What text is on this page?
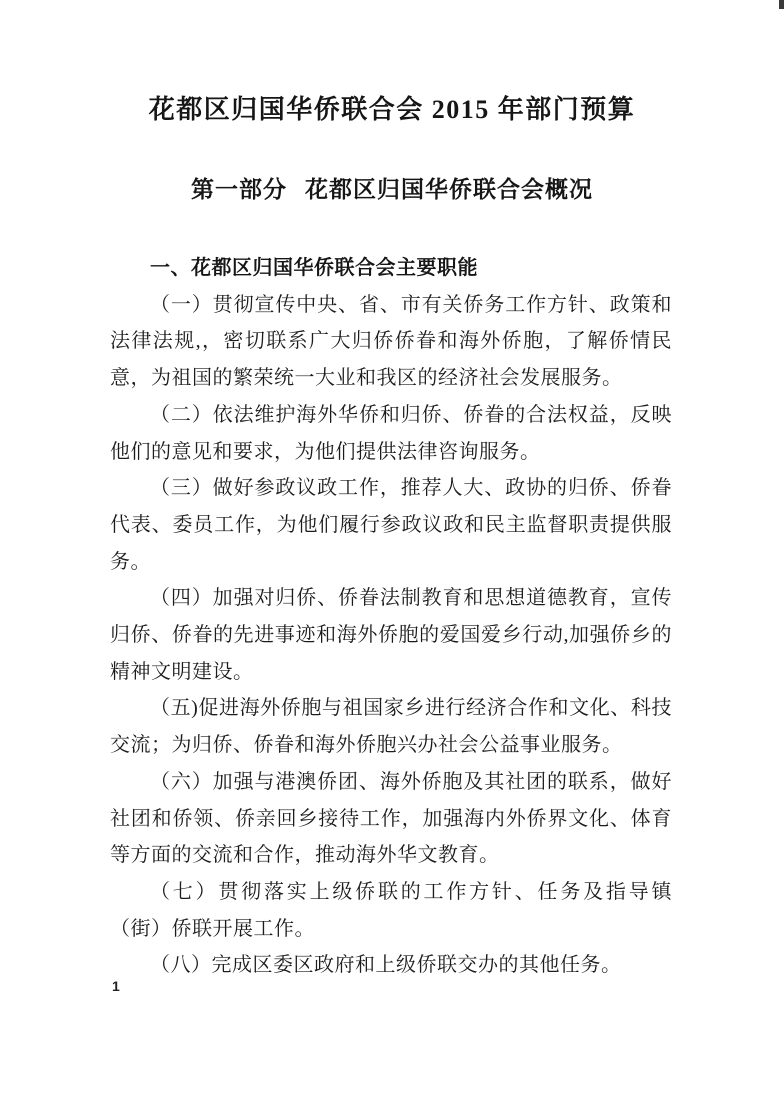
花都区归国华侨联合会 2015 年部门预算
第一部分 花都区归国华侨联合会概况

一、花都区归国华侨联合会主要职能

（一）贯彻宣传中央、省、市有关侨务工作方针、政策和法律法规,，密切联系广大归侨侨眷和海外侨胞，了解侨情民意，为祖国的繁荣统一大业和我区的经济社会发展服务。

（二）依法维护海外华侨和归侨、侨眷的合法权益，反映他们的意见和要求，为他们提供法律咨询服务。

（三）做好参政议政工作，推荐人大、政协的归侨、侨眷代表、委员工作，为他们履行参政议政和民主监督职责提供服务。

（四）加强对归侨、侨眷法制教育和思想道德教育，宣传归侨、侨眷的先进事迹和海外侨胞的爱国爱乡行动,加强侨乡的精神文明建设。

（五)促进海外侨胞与祖国家乡进行经济合作和文化、科技交流；为归侨、侨眷和海外侨胞兴办社会公益事业服务。

（六）加强与港澳侨团、海外侨胞及其社团的联系，做好社团和侨领、侨亲回乡接待工作，加强海内外侨界文化、体育等方面的交流和合作，推动海外华文教育。

（七）贯彻落实上级侨联的工作方针、任务及指导镇（街）侨联开展工作。

（八）完成区委区政府和上级侨联交办的其他任务。

1
